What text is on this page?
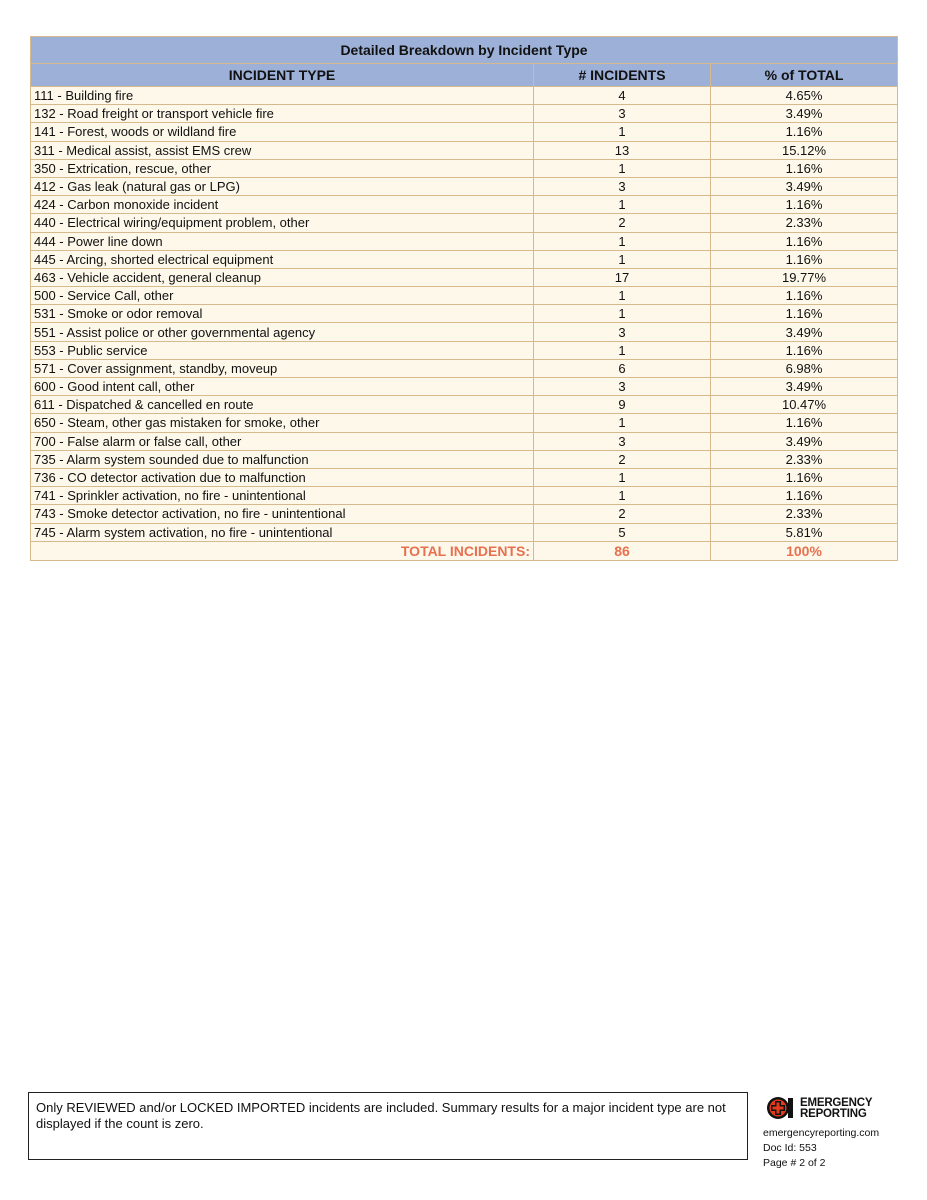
Detailed Breakdown by Incident Type		
INCIDENT TYPE	# INCIDENTS	% of TOTAL
111 - Building fire	4	4.65%
132 - Road freight or transport vehicle fire	3	3.49%
141 - Forest, woods or wildland fire	1	1.16%
311 - Medical assist, assist EMS crew	13	15.12%
350 - Extrication, rescue, other	1	1.16%
412 - Gas leak (natural gas or LPG)	3	3.49%
424 - Carbon monoxide incident	1	1.16%
440 - Electrical wiring/equipment problem, other	2	2.33%
444 - Power line down	1	1.16%
445 - Arcing, shorted electrical equipment	1	1.16%
463 - Vehicle accident, general cleanup	17	19.77%
500 - Service Call, other	1	1.16%
531 - Smoke or odor removal	1	1.16%
551 - Assist police or other governmental agency	3	3.49%
553 - Public service	1	1.16%
571 - Cover assignment, standby, moveup	6	6.98%
600 - Good intent call, other	3	3.49%
611 - Dispatched & cancelled en route	9	10.47%
650 - Steam, other gas mistaken for smoke, other	1	1.16%
700 - False alarm or false call, other	3	3.49%
735 - Alarm system sounded due to malfunction	2	2.33%
736 - CO detector activation due to malfunction	1	1.16%
741 - Sprinkler activation, no fire - unintentional	1	1.16%
743 - Smoke detector activation, no fire - unintentional	2	2.33%
745 - Alarm system activation, no fire - unintentional	5	5.81%
TOTAL INCIDENTS:	86	100%
Only REVIEWED and/or LOCKED IMPORTED incidents are included. Summary results for a major incident type are not displayed if the count is zero.
EMERGENCY
REPORTING
emergencyreporting.com
Doc Id: 553
Page # 2 of 2
